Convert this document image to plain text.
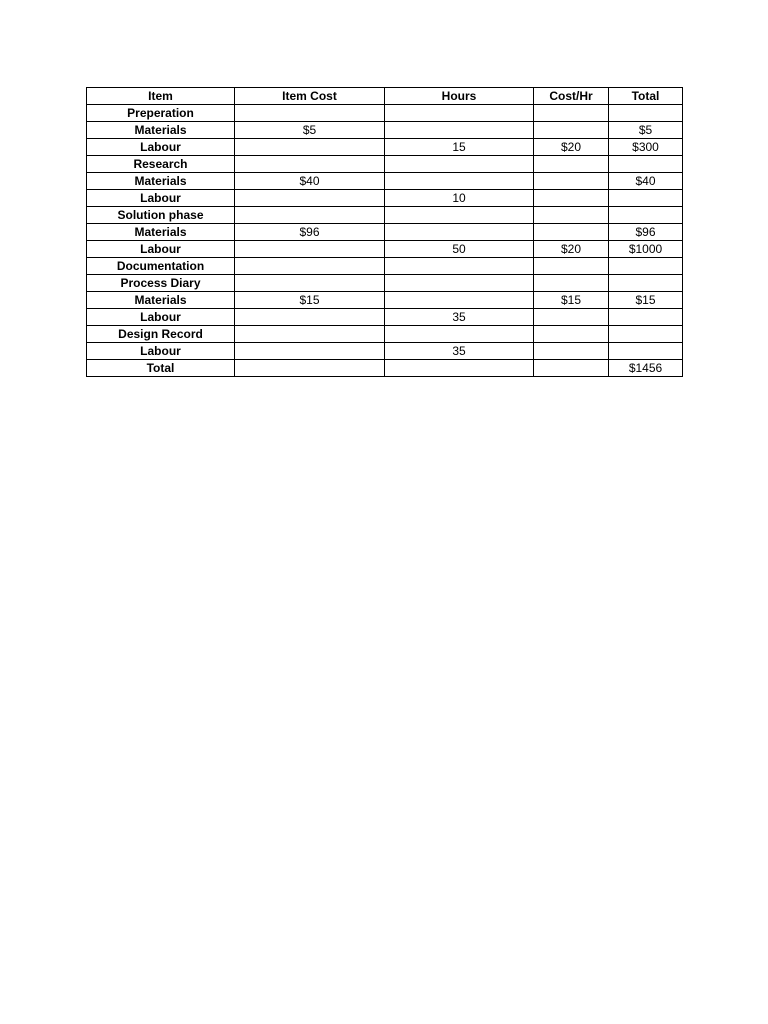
Item	Item Cost	Hours	Cost/Hr	Total
Preperation				
Materials	$5			$5
Labour		15	$20	$300
Research				
Materials	$40			$40
Labour		10		
Solution phase				
Materials	$96			$96
Labour		50	$20	$1000
Documentation				
Process Diary				
Materials	$15		$15	$15
Labour		35		
Design Record				
Labour		35		
Total				$1456
